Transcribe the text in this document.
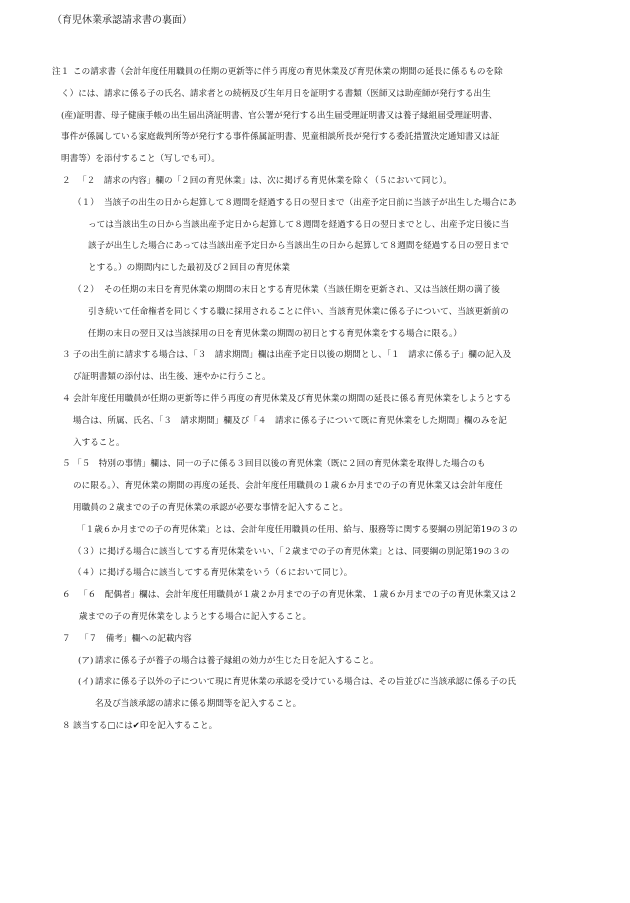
（育児休業承認請求書の裏面）
注１ この請求書（会計年度任用職員の任期の更新等に伴う再度の育児休業及び育児休業の期間の延長に係るものを除
く）には、請求に係る子の氏名、請求者との続柄及び生年月日を証明する書類（医師又は助産師が発行する出生
(産)証明書、母子健康手帳の出生届出済証明書、官公署が発行する出生届受理証明書又は養子縁組届受理証明書、
事件が係属している家庭裁判所等が発行する事件係属証明書、児童相談所長が発行する委託措置決定通知書又は証
明書等）を添付すること（写しでも可）。
２ 「２　請求の内容」欄の「２回の育児休業」は、次に掲げる育児休業を除く（５において同じ）。
（１） 当該子の出生の日から起算して８週間を経過する日の翌日まで（出産予定日前に当該子が出生した場合にあ
っては当該出生の日から当該出産予定日から起算して８週間を経過する日の翌日までとし、出産予定日後に当
該子が出生した場合にあっては当該出産予定日から当該出生の日から起算して８週間を経過する日の翌日まで
とする。）の期間内にした最初及び２回目の育児休業
（２） その任期の末日を育児休業の期間の末日とする育児休業（当該任期を更新され、又は当該任期の満了後
引き続いて任命権者を同じくする職に採用されることに伴い、当該育児休業に係る子について、当該更新前の
任期の末日の翌日又は当該採用の日を育児休業の期間の初日とする育児休業をする場合に限る。）
３ 子の出生前に請求する場合は、「３　請求期間」欄は出産予定日以後の期間とし、「１　請求に係る子」欄の記入及
び証明書類の添付は、出生後、速やかに行うこと。
４ 会計年度任用職員が任期の更新等に伴う再度の育児休業及び育児休業の期間の延長に係る育児休業をしようとする
場合は、所属、氏名、「３　請求期間」欄及び「４　請求に係る子について既に育児休業をした期間」欄のみを記
入すること。
５ 「５　特別の事情」欄は、同一の子に係る３回目以後の育児休業（既に２回の育児休業を取得した場合のも
のに限る。）、育児休業の期間の再度の延長、会計年度任用職員の１歳６か月までの子の育児休業又は会計年度任
用職員の２歳までの子の育児休業の承認が必要な事情を記入すること。
「１歳６か月までの子の育児休業」とは、会計年度任用職員の任用、給与、服務等に関する要綱の別記第19の３の
（３）に掲げる場合に該当してする育児休業をいい、「２歳までの子の育児休業」とは、同要綱の別記第19の３の
（４）に掲げる場合に該当してする育児休業をいう（６において同じ）。
６ 「６　配偶者」欄は、会計年度任用職員が１歳２か月までの子の育児休業、１歳６か月までの子の育児休業又は２
歳までの子の育児休業をしようとする場合に記入すること。
７ 「７　備考」欄への記載内容
(ア) 請求に係る子が養子の場合は養子縁組の効力が生じた日を記入すること。
(イ) 請求に係る子以外の子について現に育児休業の承認を受けている場合は、その旨並びに当該承認に係る子の氏
名及び当該承認の請求に係る期間等を記入すること。
８ 該当する□には✔印を記入すること。
